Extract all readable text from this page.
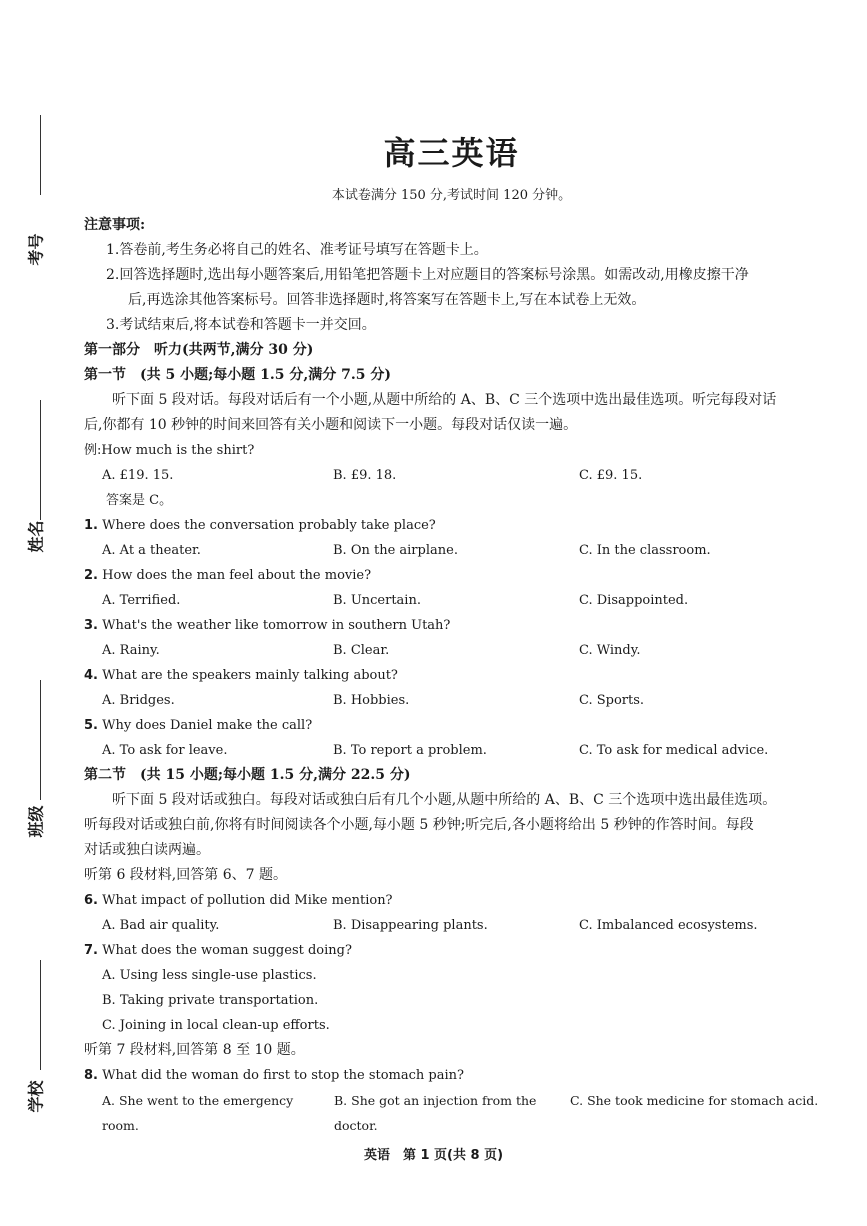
考号
姓名
班级
学校
高三英语
本试卷满分 150 分,考试时间 120 分钟。
注意事项:
1.答卷前,考生务必将自己的姓名、准考证号填写在答题卡上。
2.回答选择题时,选出每小题答案后,用铅笔把答题卡上对应题目的答案标号涂黑。如需改动,用橡皮擦干净
后,再选涂其他答案标号。回答非选择题时,将答案写在答题卡上,写在本试卷上无效。
3.考试结束后,将本试卷和答题卡一并交回。
第一部分　听力(共两节,满分 30 分)
第一节　(共 5 小题;每小题 1.5 分,满分 7.5 分)
听下面 5 段对话。每段对话后有一个小题,从题中所给的 A、B、C 三个选项中选出最佳选项。听完每段对话
后,你都有 10 秒钟的时间来回答有关小题和阅读下一小题。每段对话仅读一遍。
例:How much is the shirt?
A. £19. 15.	B. £9. 18.	C. £9. 15.
答案是 C。
1. Where does the conversation probably take place?
A. At a theater.	B. On the airplane.	C. In the classroom.
2. How does the man feel about the movie?
A. Terrified.	B. Uncertain.	C. Disappointed.
3. What's the weather like tomorrow in southern Utah?
A. Rainy.	B. Clear.	C. Windy.
4. What are the speakers mainly talking about?
A. Bridges.	B. Hobbies.	C. Sports.
5. Why does Daniel make the call?
A. To ask for leave.	B. To report a problem.	C. To ask for medical advice.
第二节　(共 15 小题;每小题 1.5 分,满分 22.5 分)
听下面 5 段对话或独白。每段对话或独白后有几个小题,从题中所给的 A、B、C 三个选项中选出最佳选项。
听每段对话或独白前,你将有时间阅读各个小题,每小题 5 秒钟;听完后,各小题将给出 5 秒钟的作答时间。每段
对话或独白读两遍。
听第 6 段材料,回答第 6、7 题。
6. What impact of pollution did Mike mention?
A. Bad air quality.	B. Disappearing plants.	C. Imbalanced ecosystems.
7. What does the woman suggest doing?
A. Using less single-use plastics.
B. Taking private transportation.
C. Joining in local clean-up efforts.
听第 7 段材料,回答第 8 至 10 题。
8. What did the woman do first to stop the stomach pain?
A. She went to the emergency room.
B. She got an injection from the doctor.
C. She took medicine for stomach acid.
英语　第 1 页(共 8 页)
